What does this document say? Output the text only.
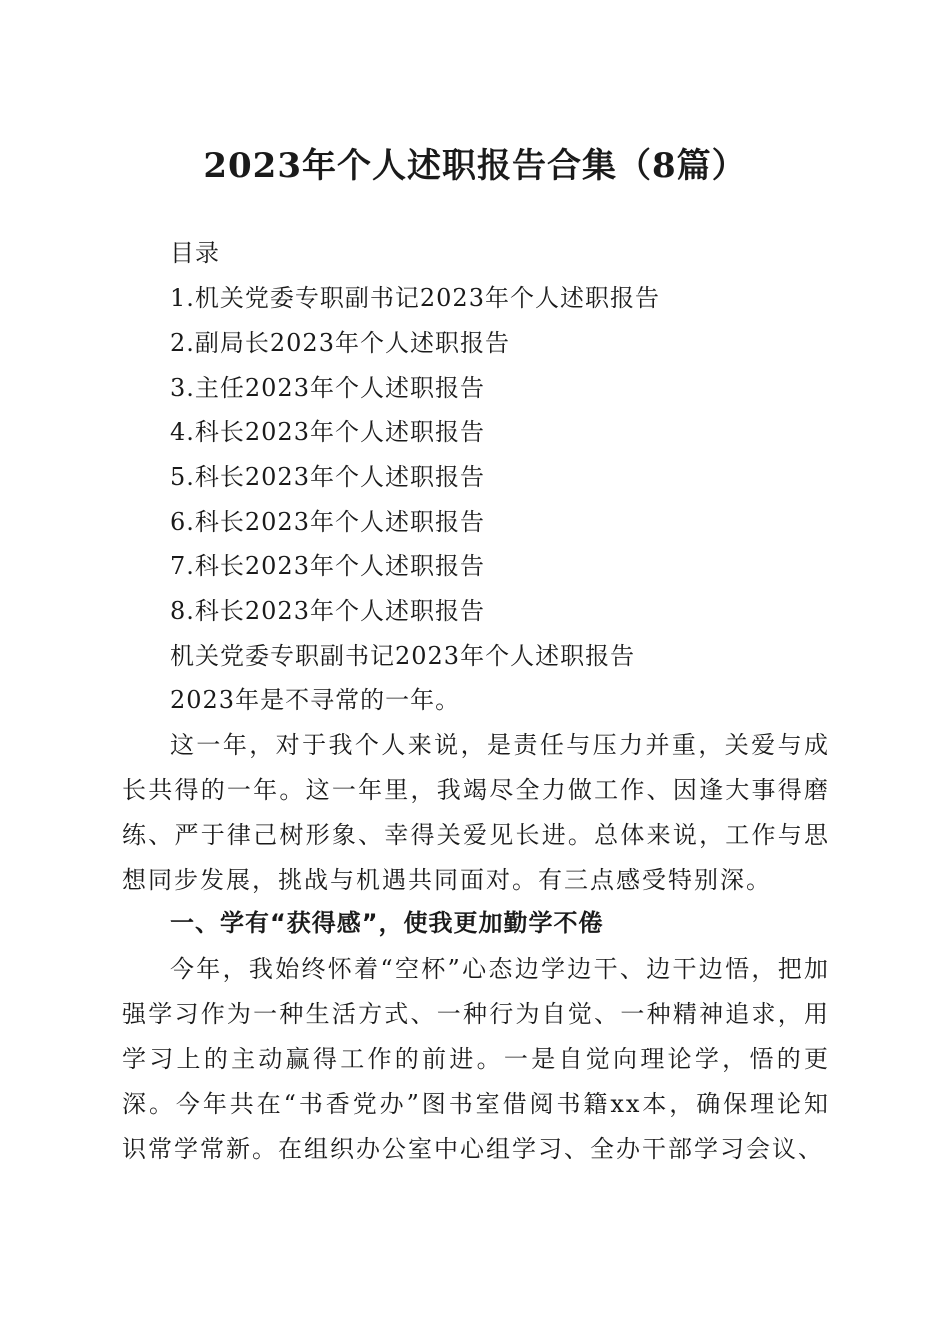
2023年个人述职报告合集（8篇）
目录
1.机关党委专职副书记2023年个人述职报告
2.副局长2023年个人述职报告
3.主任2023年个人述职报告
4.科长2023年个人述职报告
5.科长2023年个人述职报告
6.科长2023年个人述职报告
7.科长2023年个人述职报告
8.科长2023年个人述职报告
机关党委专职副书记2023年个人述职报告
2023年是不寻常的一年。
这一年，对于我个人来说，是责任与压力并重，关爱与成长共得的一年。这一年里，我竭尽全力做工作、因逢大事得磨练、严于律己树形象、幸得关爱见长进。总体来说，工作与思想同步发展，挑战与机遇共同面对。有三点感受特别深。
一、学有“获得感”，使我更加勤学不倦
今年，我始终怀着“空杯”心态边学边干、边干边悟，把加强学习作为一种生活方式、一种行为自觉、一种精神追求，用学习上的主动赢得工作的前进。一是自觉向理论学，悟的更深。今年共在“书香党办”图书室借阅书籍xx本，确保理论知识常学常新。在组织办公室中心组学习、全办干部学习会议、
